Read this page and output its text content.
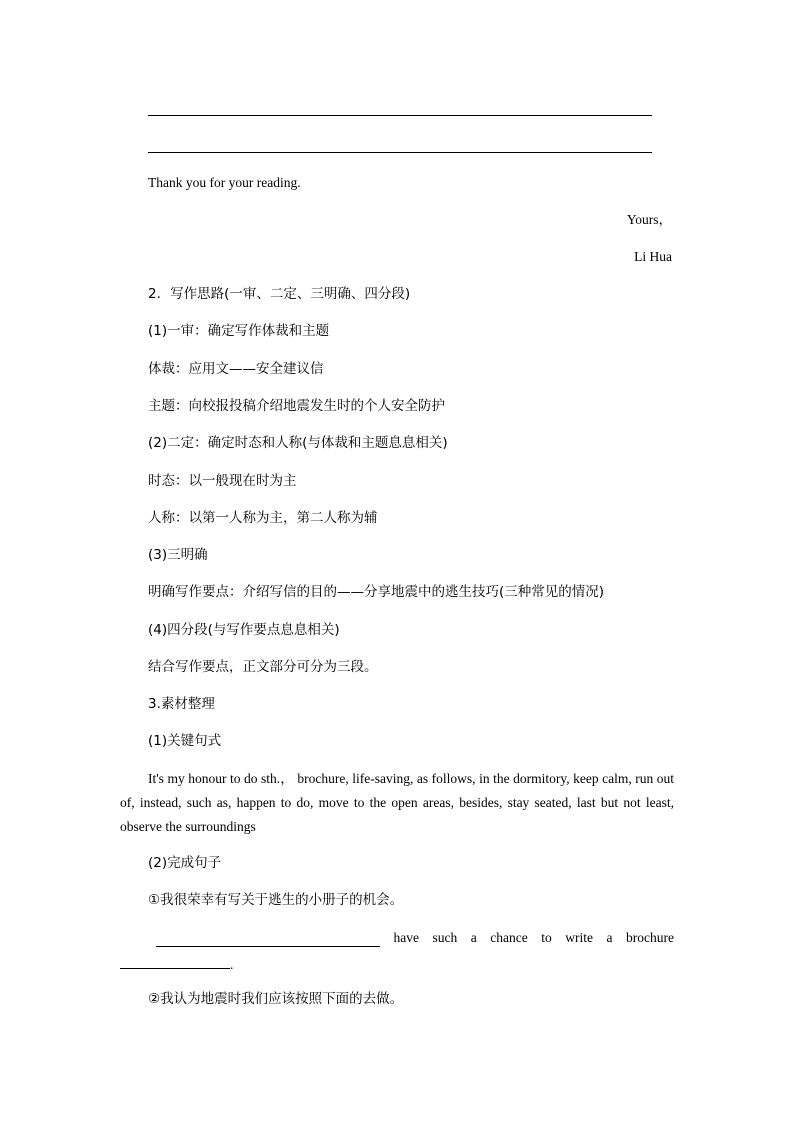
Thank you for your reading.
Yours，
Li Hua
2．写作思路(一审、二定、三明确、四分段)
(1)一审：确定写作体裁和主题
体裁：应用文——安全建议信
主题：向校报投稿介绍地震发生时的个人安全防护
(2)二定：确定时态和人称(与体裁和主题息息相关)
时态：以一般现在时为主
人称：以第一人称为主，第二人称为辅
(3)三明确
明确写作要点：介绍写信的目的——分享地震中的逃生技巧(三种常见的情况)
(4)四分段(与写作要点息息相关)
结合写作要点，正文部分可分为三段。
3.素材整理
(1)关键句式
It's my honour to do sth.， brochure, life-saving, as follows, in the dormitory, keep calm, run out of, instead, such as, happen to do, move to the open areas, besides, stay seated, last but not least, observe the surroundings
(2)完成句子
①我很荣幸有写关于逃生的小册子的机会。
have such a chance to write a brochure
.
②我认为地震时我们应该按照下面的去做。
